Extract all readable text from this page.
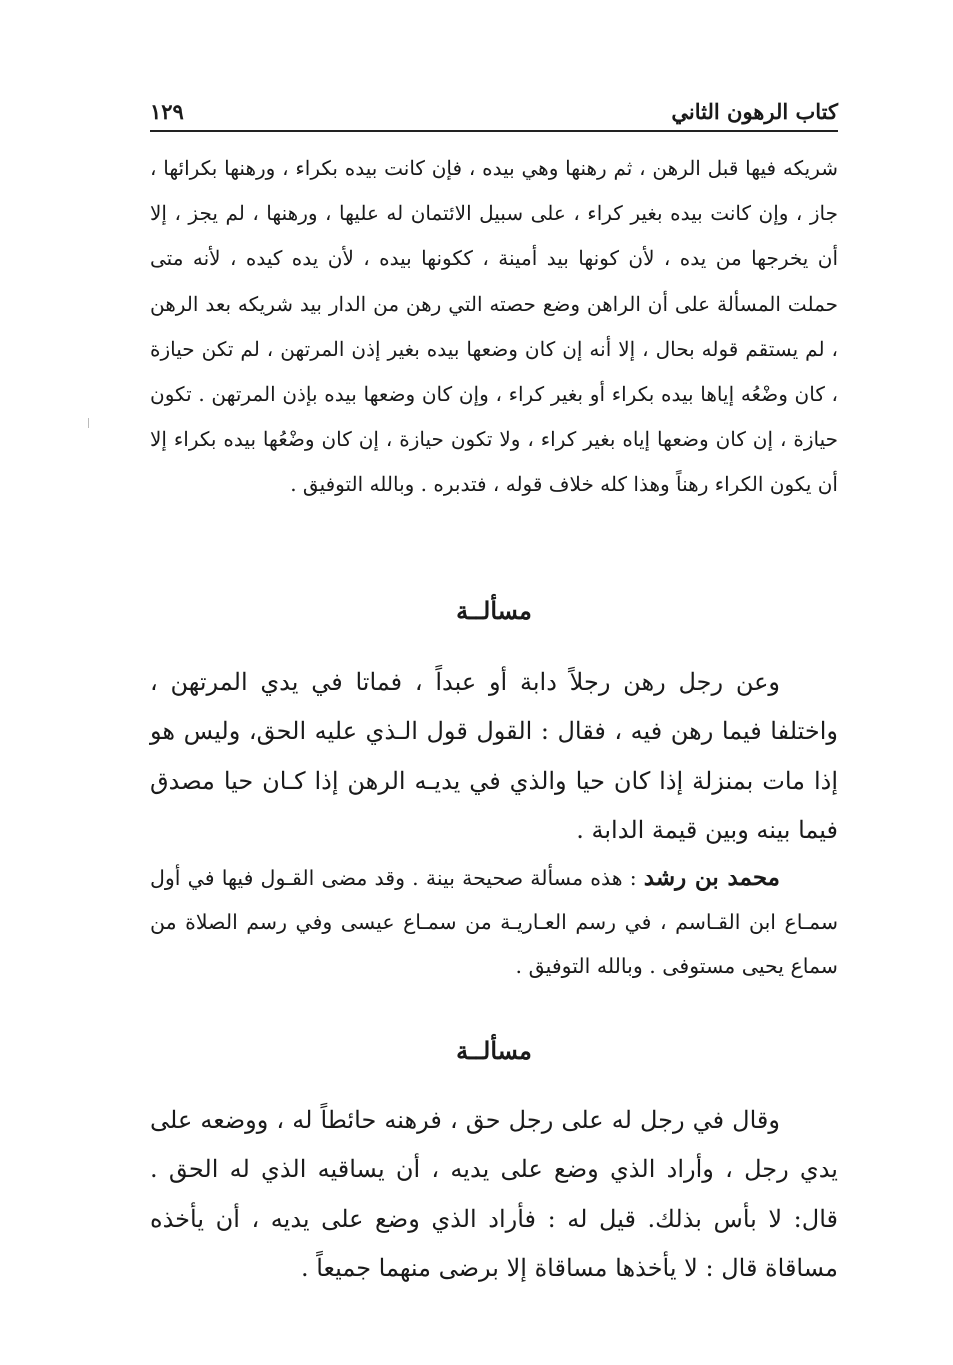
كتاب الرهون الثاني
١٢٩

شريكه فيها قبل الرهن ، ثم رهنها وهي بيده ، فإن كانت بيده بكراء ، ورهنها بكرائها ، جاز ، وإن كانت بيده بغير كراء ، على سبيل الائتمان له عليها ، ورهنها ، لم يجز ، إلا أن يخرجها من يده ، لأن كونها بيد أمينة ، ككونها بيده ، لأن يده كيده ، لأنه متى حملت المسألة على أن الراهن وضع حصته التي رهن من الدار بيد شريكه بعد الرهن ، لم يستقم قوله بحال ، إلا أنه إن كان وضعها بيده بغير إذن المرتهن ، لم تكن حيازة ، كان وضْعُه إياها بيده بكراء أو بغير كراء ، وإن كان وضعها بيده بإذن المرتهن . تكون حيازة ، إن كان وضعها إياه بغير كراء ، ولا تكون حيازة ، إن كان وضْعُها بيده بكراء إلا أن يكون الكراء رهناً وهذا كله خلاف قوله ، فتدبره . وبالله التوفيق .

مسألــة

وعن رجل رهن رجلاً دابة أو عبداً ، فماتا في يدي المرتهن ، واختلفا فيما رهن فيه ، فقال : القول قول الـذي عليه الحق، وليس هو إذا مات بمنزلة إذا كان حيا والذي في يديـه الرهن إذا كـان حيا مصدق فيما بينه وبين قيمة الدابة .

محمد بن رشد : هذه مسألة صحيحة بينة . وقد مضى القـول فيها في أول سمـاع ابن القـاسم ، في رسم العـاريـة من سمـاع عيسى وفي رسم الصلاة من سماع يحيى مستوفى . وبالله التوفيق .

مسألــة

وقال في رجل له على رجل حق ، فرهنه حائطاً له ، ووضعه على يدي رجل ، وأراد الذي وضع على يديه ، أن يساقيه الذي له الحق . قال: لا بأس بذلك. قيل له : فأراد الذي وضع على يديه ، أن يأخذه مساقاة قال : لا يأخذها مساقاة إلا برضى منهما جميعاً .
